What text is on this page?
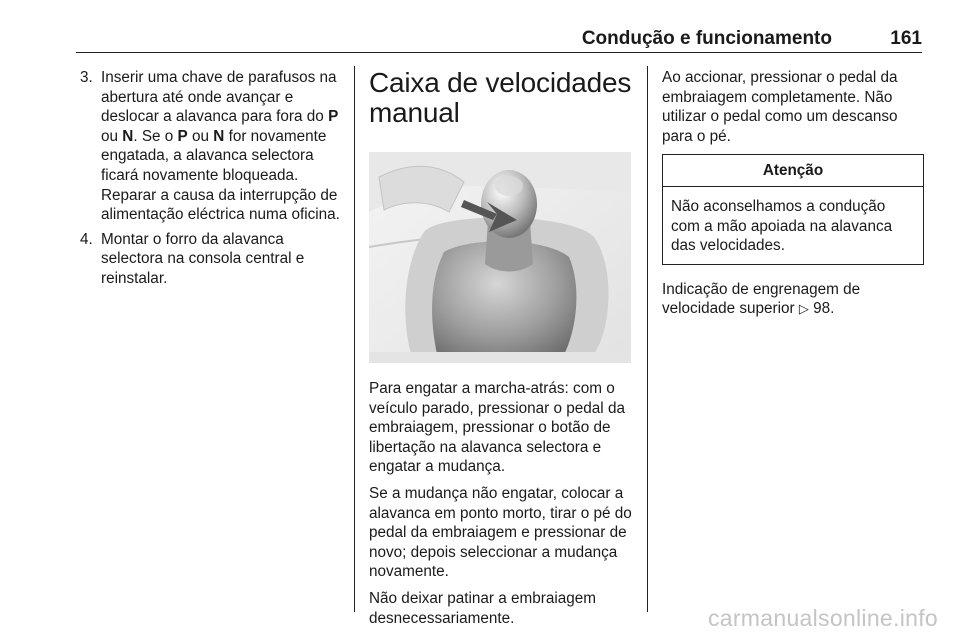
Condução e funcionamento	161
3. Inserir uma chave de parafusos na abertura até onde avançar e deslocar a alavanca para fora do P ou N. Se o P ou N for novamente engatada, a alavanca selectora ficará novamente bloqueada. Reparar a causa da interrupção de alimentação eléctrica numa oficina.
4. Montar o forro da alavanca selectora na consola central e reinstalar.
Caixa de velocidades manual

Para engatar a marcha-atrás: com o veículo parado, pressionar o pedal da embraiagem, pressionar o botão de libertação na alavanca selectora e engatar a mudança.

Se a mudança não engatar, colocar a alavanca em ponto morto, tirar o pé do pedal da embraiagem e pressionar de novo; depois seleccionar a mudança novamente.

Não deixar patinar a embraiagem desnecessariamente.

Ao accionar, pressionar o pedal da embraiagem completamente. Não utilizar o pedal como um descanso para o pé.

Atenção
Não aconselhamos a condução com a mão apoiada na alavanca das velocidades.

Indicação de engrenagem de velocidade superior ▷ 98.

carmanualsonline.info
